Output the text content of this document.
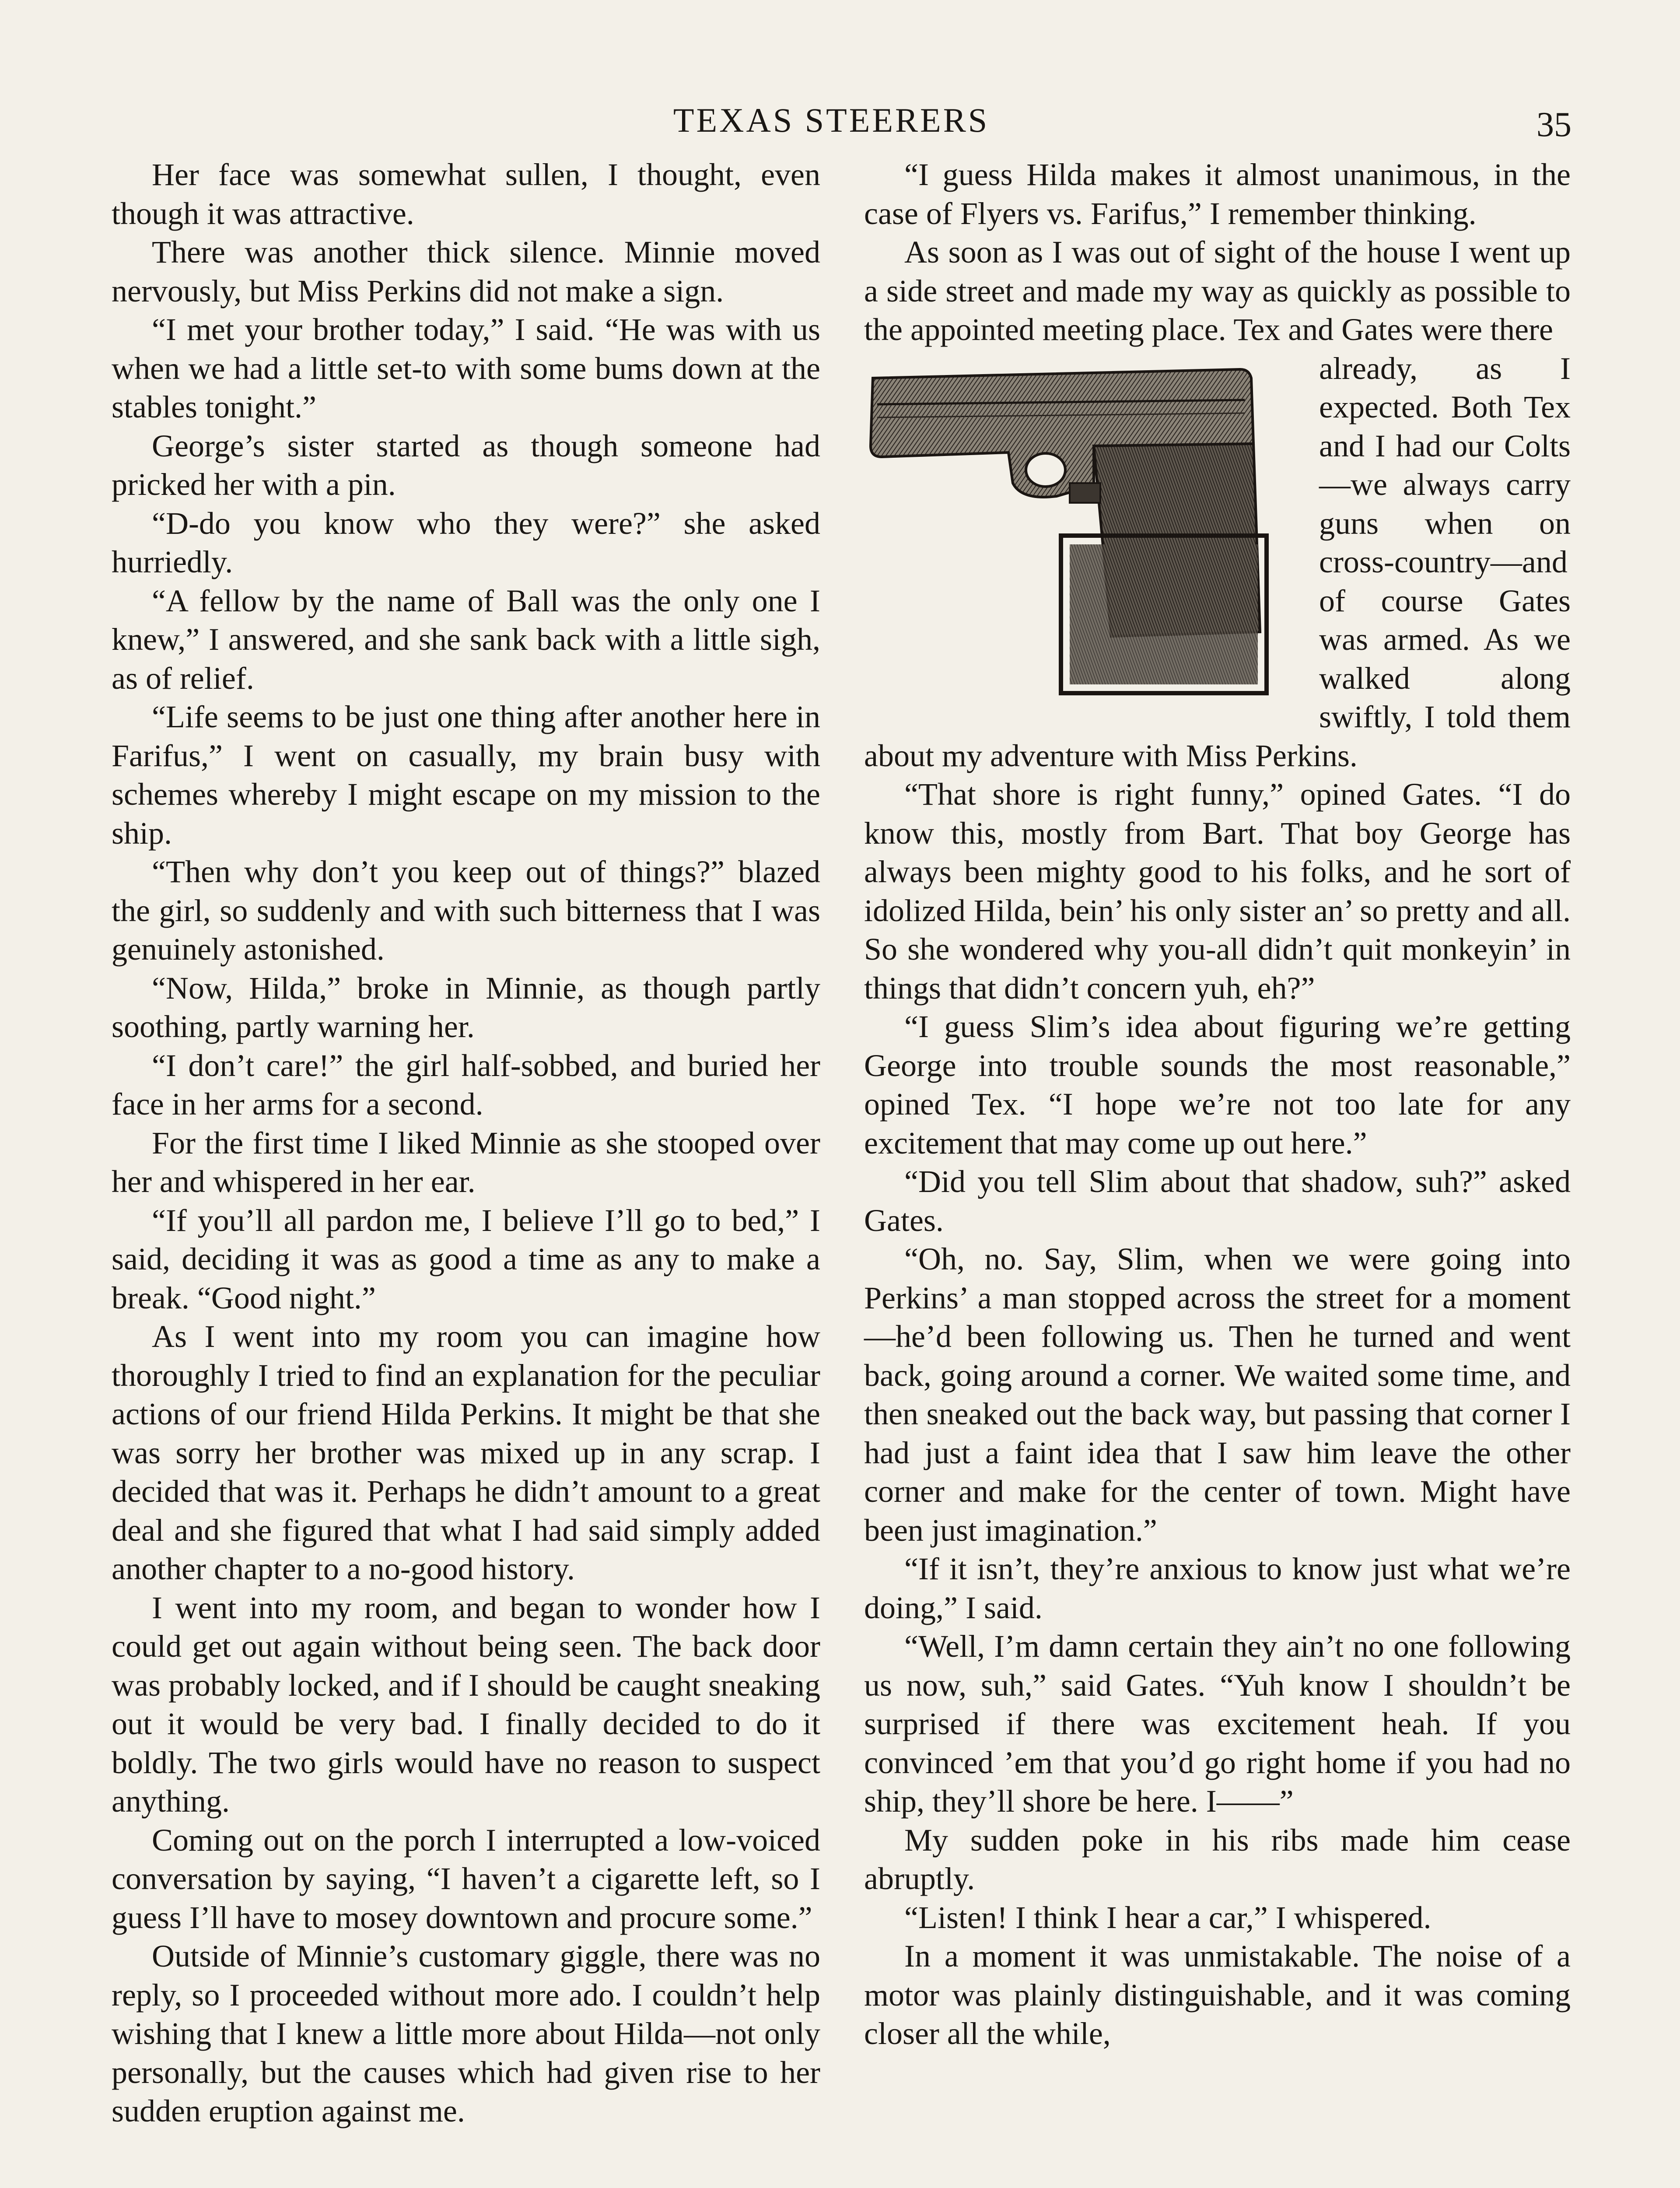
TEXAS STEERERS	35

Her face was somewhat sullen, I thought, even though it was attractive.

There was another thick silence. Minnie moved nervously, but Miss Perkins did not make a sign.

“I met your brother today,” I said. “He was with us when we had a little set-to with some bums down at the stables tonight.”

George’s sister started as though someone had pricked her with a pin.

“D-do you know who they were?” she asked hurriedly.

“A fellow by the name of Ball was the only one I knew,” I answered, and she sank back with a little sigh, as of relief.

“Life seems to be just one thing after another here in Farifus,” I went on casually, my brain busy with schemes whereby I might escape on my mission to the ship.

“Then why don’t you keep out of things?” blazed the girl, so suddenly and with such bitterness that I was genuinely astonished.

“Now, Hilda,” broke in Minnie, as though partly soothing, partly warning her.

“I don’t care!” the girl half-sobbed, and buried her face in her arms for a second.

For the first time I liked Minnie as she stooped over her and whispered in her ear.

“If you’ll all pardon me, I believe I’ll go to bed,” I said, deciding it was as good a time as any to make a break. “Good night.”

As I went into my room you can imagine how thoroughly I tried to find an explanation for the peculiar actions of our friend Hilda Perkins. It might be that she was sorry her brother was mixed up in any scrap. I decided that was it. Perhaps he didn’t amount to a great deal and she figured that what I had said simply added another chapter to a no-good history.

I went into my room, and began to wonder how I could get out again without being seen. The back door was probably locked, and if I should be caught sneaking out it would be very bad. I finally decided to do it boldly. The two girls would have no reason to suspect anything.

Coming out on the porch I interrupted a low-voiced conversation by saying, “I haven’t a cigarette left, so I guess I’ll have to mosey downtown and procure some.”

Outside of Minnie’s customary giggle, there was no reply, so I proceeded without more ado. I couldn’t help wishing that I knew a little more about Hilda—not only personally, but the causes which had given rise to her sudden eruption against me.

“I guess Hilda makes it almost unanimous, in the case of Flyers vs. Farifus,” I remember thinking.

As soon as I was out of sight of the house I went up a side street and made my way as quickly as possible to the appointed meeting place. Tex and Gates were there

already, as I expected. Both Tex and I had our Colts—we always carry guns when on cross-country—and of course Gates was armed. As we walked along swiftly, I told them about my adventure with Miss Perkins.

“That shore is right funny,” opined Gates. “I do know this, mostly from Bart. That boy George has always been mighty good to his folks, and he sort of idolized Hilda, bein’ his only sister an’ so pretty and all. So she wondered why you-all didn’t quit monkeyin’ in things that didn’t concern yuh, eh?”

“I guess Slim’s idea about figuring we’re getting George into trouble sounds the most reasonable,” opined Tex. “I hope we’re not too late for any excitement that may come up out here.”

“Did you tell Slim about that shadow, suh?” asked Gates.

“Oh, no. Say, Slim, when we were going into Perkins’ a man stopped across the street for a moment—he’d been following us. Then he turned and went back, going around a corner. We waited some time, and then sneaked out the back way, but passing that corner I had just a faint idea that I saw him leave the other corner and make for the center of town. Might have been just imagination.”

“If it isn’t, they’re anxious to know just what we’re doing,” I said.

“Well, I’m damn certain they ain’t no one following us now, suh,” said Gates. “Yuh know I shouldn’t be surprised if there was excitement heah. If you convinced ’em that you’d go right home if you had no ship, they’ll shore be here. I——”

My sudden poke in his ribs made him cease abruptly.

“Listen! I think I hear a car,” I whispered.

In a moment it was unmistakable. The noise of a motor was plainly distinguishable, and it was coming closer all the while,
